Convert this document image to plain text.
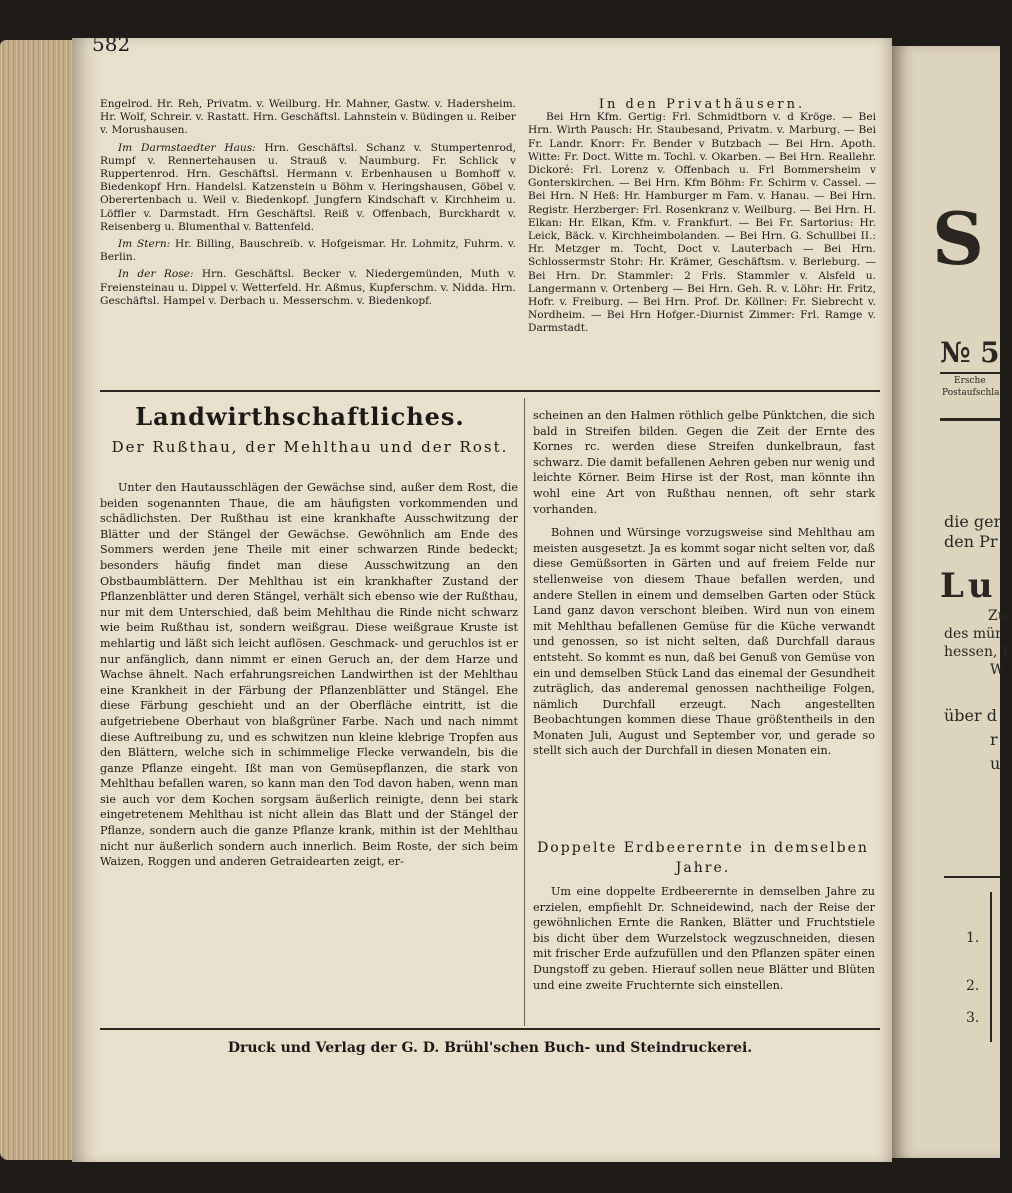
582

Engelrod. Hr. Reh, Privatm. v. Weilburg. Hr. Mahner, Gastw. v. Hadersheim. Hr. Wolf, Schreir. v. Rastatt. Hrn. Geschäftsl. Lahnstein v. Büdingen u. Reiber v. Morushausen.

Im Darmstaedter Haus: Hrn. Geschäftsl. Schanz v. Stumpertenrod, Rumpf v. Rennertehausen u. Strauß v. Naumburg. Fr. Schlick v Ruppertenrod. Hrn. Geschäftsl. Hermann v. Erbenhausen u Bomhoff v. Biedenkopf Hrn. Handelsl. Katzenstein u Böhm v. Heringshausen, Göbel v. Oberertenbach u. Weil v. Biedenkopf. Jungfern Kindschaft v. Kirchheim u. Löffler v. Darmstadt. Hrn Geschäftsl. Reiß v. Offenbach, Burckhardt v. Reisenberg u. Blumenthal v. Battenfeld.

Im Stern: Hr. Billing, Bauschreib. v. Hofgeismar. Hr. Lohmitz, Fuhrm. v. Berlin.

In der Rose: Hrn. Geschäftsl. Becker v. Niedergemünden, Muth v. Freiensteinau u. Dippel v. Wetterfeld. Hr. Aßmus, Kupferschm. v. Nidda. Hrn. Geschäftsl. Hampel v. Derbach u. Messerschm. v. Biedenkopf.

In den Privathäusern.

Bei Hrn Kfm. Gertig: Frl. Schmidtborn v. d Kröge. — Bei Hrn. Wirth Pausch: Hr. Staubesand, Privatm. v. Marburg. — Bei Fr. Landr. Knorr: Fr. Bender v Butzbach — Bei Hrn. Apoth. Witte: Fr. Doct. Witte m. Tochl. v. Okarben. — Bei Hrn. Reallehr. Dickoré: Frl. Lorenz v. Offenbach u. Frl Bommersheim v Gonterskirchen. — Bei Hrn. Kfm Böhm: Fr. Schirm v. Cassel. — Bei Hrn. N Heß: Hr. Hamburger m Fam. v. Hanau. — Bei Hrn. Registr. Herzberger: Frl. Rosenkranz v. Weilburg. — Bei Hrn. H. Elkan: Hr. Elkan, Kfm. v. Frankfurt. — Bei Fr. Sartorius: Hr. Leick, Bäck. v. Kirchheimbolanden. — Bei Hrn. G. Schullbei II.: Hr. Metzger m. Tocht, Doct v. Lauterbach — Bei Hrn. Schlossermstr Stohr: Hr. Krämer, Geschäftsm. v. Berleburg. — Bei Hrn. Dr. Stammler: 2 Frls. Stammler v. Alsfeld u. Langermann v. Ortenberg — Bei Hrn. Geh. R. v. Löhr: Hr. Fritz, Hofr. v. Freiburg. — Bei Hrn. Prof. Dr. Köllner: Fr. Siebrecht v. Nordheim. — Bei Hrn Hofger.-Diurnist Zimmer: Frl. Ramge v. Darmstadt.

Landwirthschaftliches.
Der Rußthau, der Mehlthau und der Rost.

Unter den Hautausschlägen der Gewächse sind, außer dem Rost, die beiden sogenannten Thaue, die am häufigsten vorkommenden und schädlichsten. Der Rußthau ist eine krankhafte Ausschwitzung der Blätter und der Stängel der Gewächse. Gewöhnlich am Ende des Sommers werden jene Theile mit einer schwarzen Rinde bedeckt; besonders häufig findet man diese Ausschwitzung an den Obstbaumblättern. Der Mehlthau ist ein krankhafter Zustand der Pflanzenblätter und deren Stängel, verhält sich ebenso wie der Rußthau, nur mit dem Unterschied, daß beim Mehlthau die Rinde nicht schwarz wie beim Rußthau ist, sondern weißgrau. Diese weißgraue Kruste ist mehlartig und läßt sich leicht auflösen. Geschmack- und geruchlos ist er nur anfänglich, dann nimmt er einen Geruch an, der dem Harze und Wachse ähnelt. Nach erfahrungsreichen Landwirthen ist der Mehlthau eine Krankheit in der Färbung der Pflanzenblätter und Stängel. Ehe diese Färbung geschieht und an der Oberfläche eintritt, ist die aufgetriebene Oberhaut von blaßgrüner Farbe. Nach und nach nimmt diese Auftreibung zu, und es schwitzen nun kleine klebrige Tropfen aus den Blättern, welche sich in schimmelige Flecke verwandeln, bis die ganze Pflanze eingeht. Ißt man von Gemüsepflanzen, die stark von Mehlthau befallen waren, so kann man den Tod davon haben, wenn man sie auch vor dem Kochen sorgsam äußerlich reinigte, denn bei stark eingetretenem Mehlthau ist nicht allein das Blatt und der Stängel der Pflanze, sondern auch die ganze Pflanze krank, mithin ist der Mehlthau nicht nur äußerlich sondern auch innerlich. Beim Roste, der sich beim Waizen, Roggen und anderen Getraidearten zeigt, er-

scheinen an den Halmen röthlich gelbe Pünktchen, die sich bald in Streifen bilden. Gegen die Zeit der Ernte des Kornes rc. werden diese Streifen dunkelbraun, fast schwarz. Die damit befallenen Aehren geben nur wenig und leichte Körner. Beim Hirse ist der Rost, man könnte ihn wohl eine Art von Rußthau nennen, oft sehr stark vorhanden.

Bohnen und Würsinge vorzugsweise sind Mehlthau am meisten ausgesetzt. Ja es kommt sogar nicht selten vor, daß diese Gemüßsorten in Gärten und auf freiem Felde nur stellenweise von diesem Thaue befallen werden, und andere Stellen in einem und demselben Garten oder Stück Land ganz davon verschont bleiben. Wird nun von einem mit Mehlthau befallenen Gemüse für die Küche verwandt und genossen, so ist nicht selten, daß Durchfall daraus entsteht. So kommt es nun, daß bei Genuß von Gemüse von ein und demselben Stück Land das einemal der Gesundheit zuträglich, das anderemal genossen nachtheilige Folgen, nämlich Durchfall erzeugt. Nach angestellten Beobachtungen kommen diese Thaue größtentheils in den Monaten Juli, August und September vor, und gerade so stellt sich auch der Durchfall in diesen Monaten ein.

Doppelte Erdbeerernte in demselben Jahre.

Um eine doppelte Erdbeerernte in demselben Jahre zu erzielen, empfiehlt Dr. Schneidewind, nach der Reise der gewöhnlichen Ernte die Ranken, Blätter und Fruchtstiele bis dicht über dem Wurzelstock wegzuschneiden, diesen mit frischer Erde aufzufüllen und den Pflanzen später einen Dungstoff zu geben. Hierauf sollen neue Blätter und Blüten und eine zweite Fruchternte sich einstellen.

Druck und Verlag der G. D. Brühl'schen Buch- und Steindruckerei.
S
№ 5
Ersche
Postaufschla
die ger
den Pr
Lu
Zu
des mür
hessen, F
W
über d
r
u
1.
2.
3.
